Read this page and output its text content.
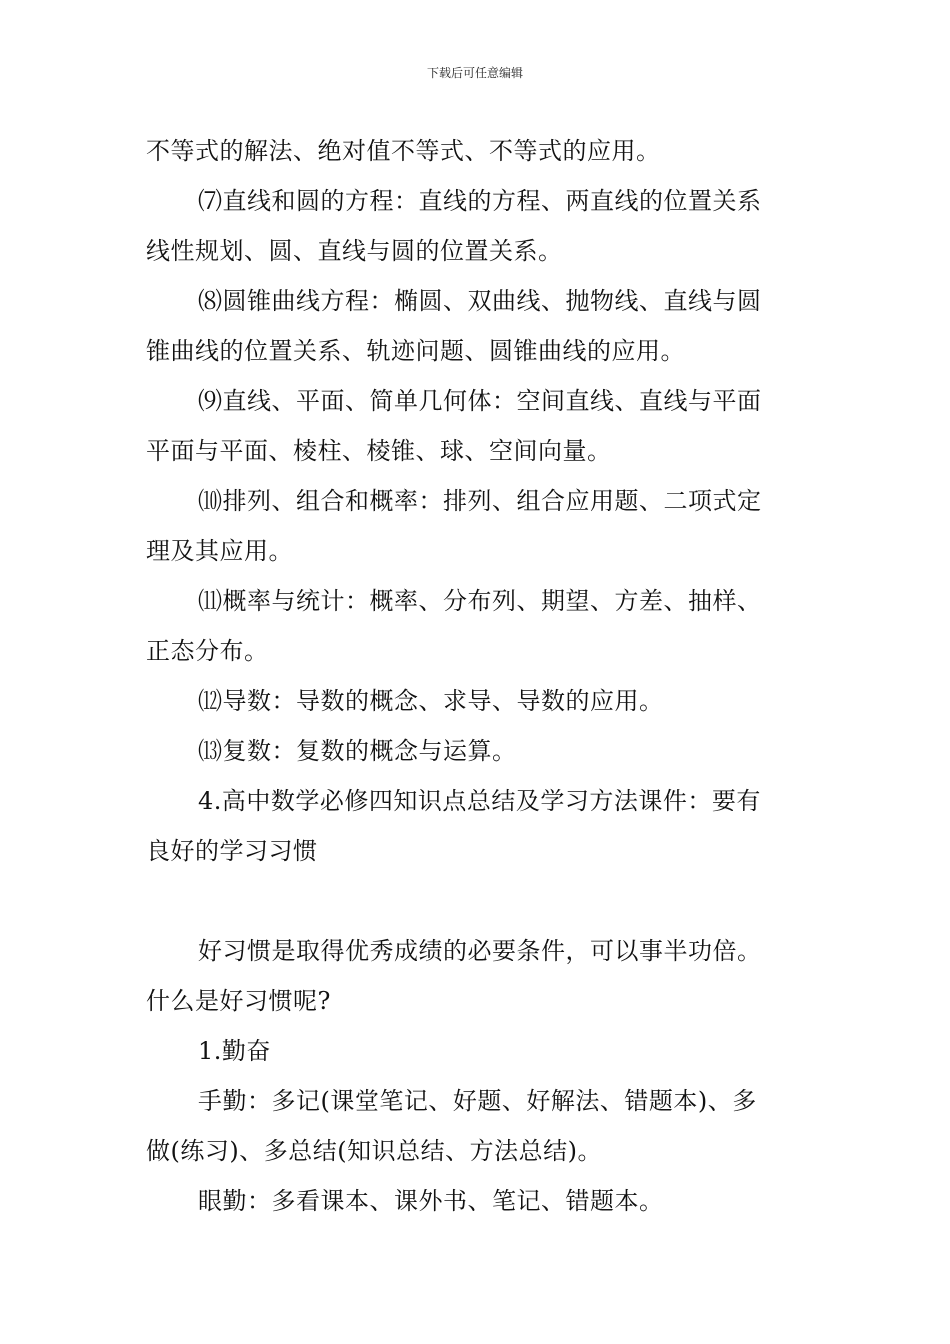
下载后可任意编辑
不等式的解法、绝对值不等式、不等式的应用。
⑺直线和圆的方程：直线的方程、两直线的位置关系
线性规划、圆、直线与圆的位置关系。
⑻圆锥曲线方程：椭圆、双曲线、抛物线、直线与圆
锥曲线的位置关系、轨迹问题、圆锥曲线的应用。
⑼直线、平面、简单几何体：空间直线、直线与平面
平面与平面、棱柱、棱锥、球、空间向量。
⑽排列、组合和概率：排列、组合应用题、二项式定
理及其应用。
⑾概率与统计：概率、分布列、期望、方差、抽样、
正态分布。
⑿导数：导数的概念、求导、导数的应用。
⒀复数：复数的概念与运算。
4.高中数学必修四知识点总结及学习方法课件：要有
良好的学习习惯
好习惯是取得优秀成绩的必要条件，可以事半功倍。
什么是好习惯呢?
1.勤奋
手勤：多记(课堂笔记、好题、好解法、错题本)、多
做(练习)、多总结(知识总结、方法总结)。
眼勤：多看课本、课外书、笔记、错题本。
